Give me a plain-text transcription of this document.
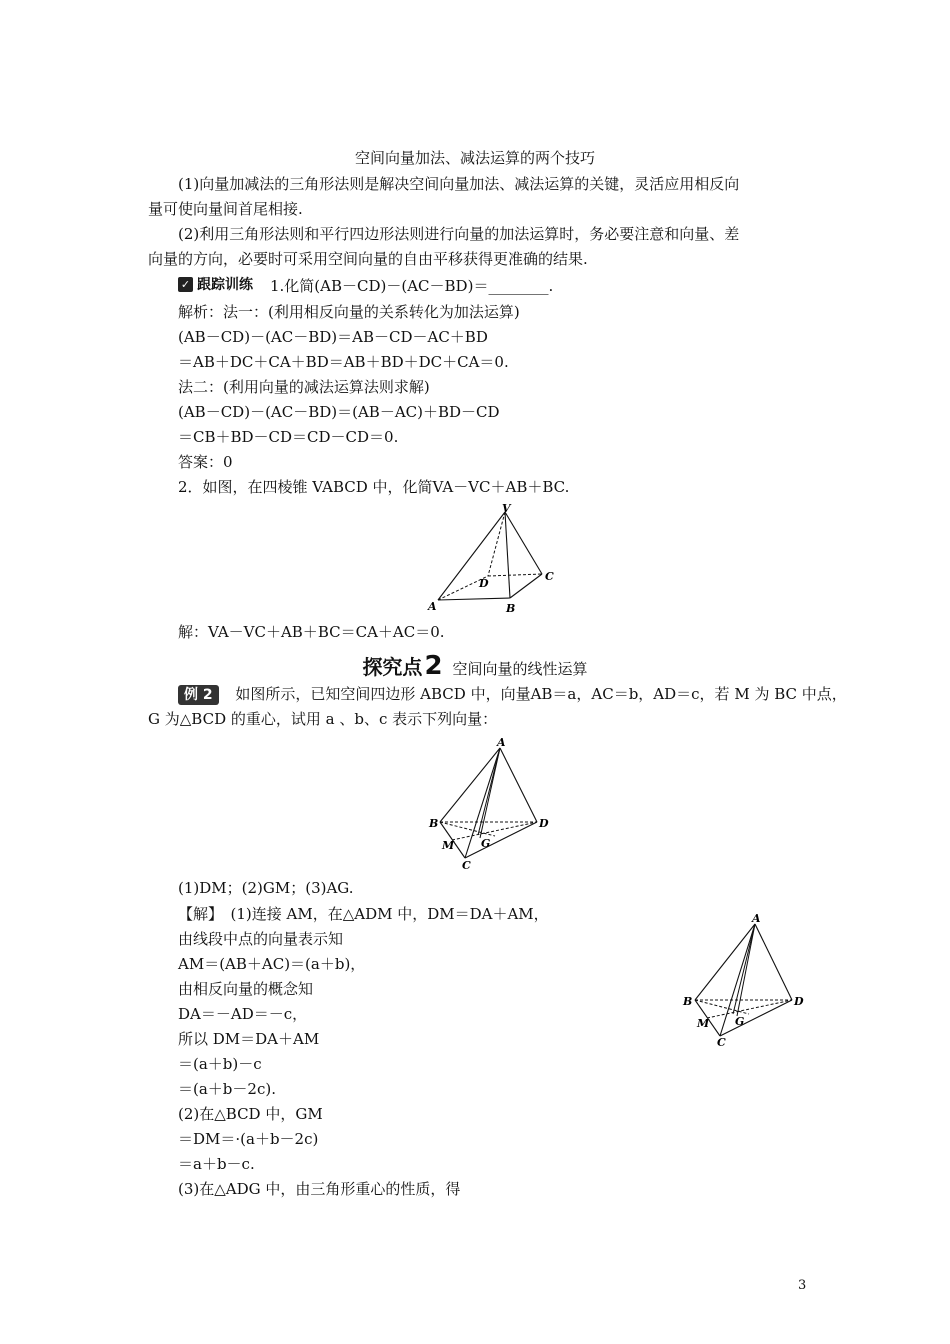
空间向量加法、减法运算的两个技巧
(1)向量加减法的三角形法则是解决空间向量加法、减法运算的关键，灵活应用相反向
量可使向量间首尾相接.
(2)利用三角形法则和平行四边形法则进行向量的加法运算时，务必要注意和向量、差
向量的方向，必要时可采用空间向量的自由平移获得更准确的结果.
✓ 跟踪训练 1.化简(AB－CD)－(AC－BD)＝________.
解析：法一：(利用相反向量的关系转化为加法运算)
(AB－CD)－(AC－BD)＝AB－CD－AC＋BD
＝AB＋DC＋CA＋BD＝AB＋BD＋DC＋CA＝0.
法二：(利用向量的减法运算法则求解)
(AB－CD)－(AC－BD)＝(AB－AC)＋BD－CD
＝CB＋BD－CD＝CD－CD＝0.
答案：0
2．如图，在四棱锥 VABCD 中，化简VA－VC＋AB＋BC.
V
A	B
C
D
解：VA－VC＋AB＋BC＝CA＋AC＝0.
探究点2 空间向量的线性运算
例 2 如图所示，已知空间四边形 ABCD 中，向量AB＝a，AC＝b，AD＝c，若 M 为 BC 中点，
G 为△BCD 的重心，试用 a 、b、c 表示下列向量：
A
B
C
D
M G
(1)DM；(2)GM；(3)AG.
【解】　(1)连接 AM，在△ADM 中，DM＝DA＋AM，
由线段中点的向量表示知
AM＝(AB＋AC)＝(a＋b)，
由相反向量的概念知
DA＝－AD＝－c，
所以 DM＝DA＋AM
＝(a＋b)－c
＝(a＋b－2c).
(2)在△BCD 中，GM
＝DM＝·(a＋b－2c)
＝a＋b－c.
(3)在△ADG 中，由三角形重心的性质，得
A
B
C
D
M G
3
